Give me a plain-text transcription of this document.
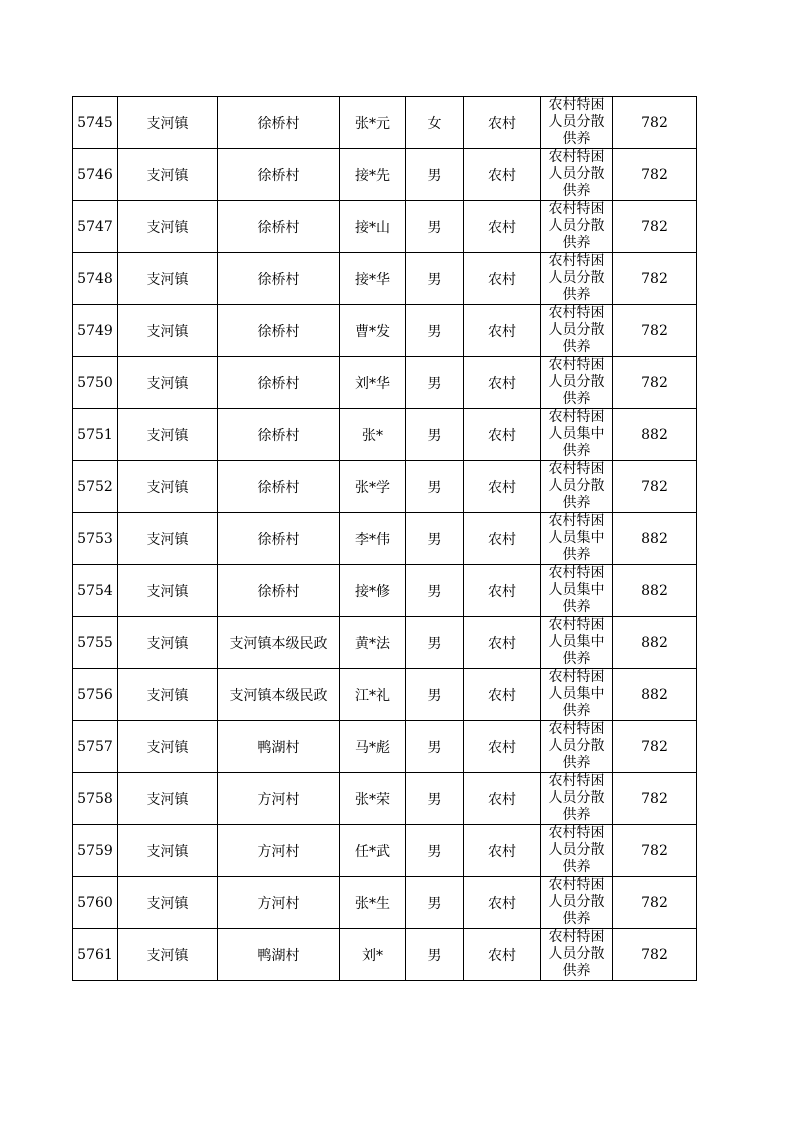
5745	支河镇	徐桥村	张*元	女	农村	农村特困人员分散供养	782
5746	支河镇	徐桥村	接*先	男	农村	农村特困人员分散供养	782
5747	支河镇	徐桥村	接*山	男	农村	农村特困人员分散供养	782
5748	支河镇	徐桥村	接*华	男	农村	农村特困人员分散供养	782
5749	支河镇	徐桥村	曹*发	男	农村	农村特困人员分散供养	782
5750	支河镇	徐桥村	刘*华	男	农村	农村特困人员分散供养	782
5751	支河镇	徐桥村	张*	男	农村	农村特困人员集中供养	882
5752	支河镇	徐桥村	张*学	男	农村	农村特困人员分散供养	782
5753	支河镇	徐桥村	李*伟	男	农村	农村特困人员集中供养	882
5754	支河镇	徐桥村	接*修	男	农村	农村特困人员集中供养	882
5755	支河镇	支河镇本级民政	黄*法	男	农村	农村特困人员集中供养	882
5756	支河镇	支河镇本级民政	江*礼	男	农村	农村特困人员集中供养	882
5757	支河镇	鸭湖村	马*彪	男	农村	农村特困人员分散供养	782
5758	支河镇	方河村	张*荣	男	农村	农村特困人员分散供养	782
5759	支河镇	方河村	任*武	男	农村	农村特困人员分散供养	782
5760	支河镇	方河村	张*生	男	农村	农村特困人员分散供养	782
5761	支河镇	鸭湖村	刘*	男	农村	农村特困人员分散供养	782
